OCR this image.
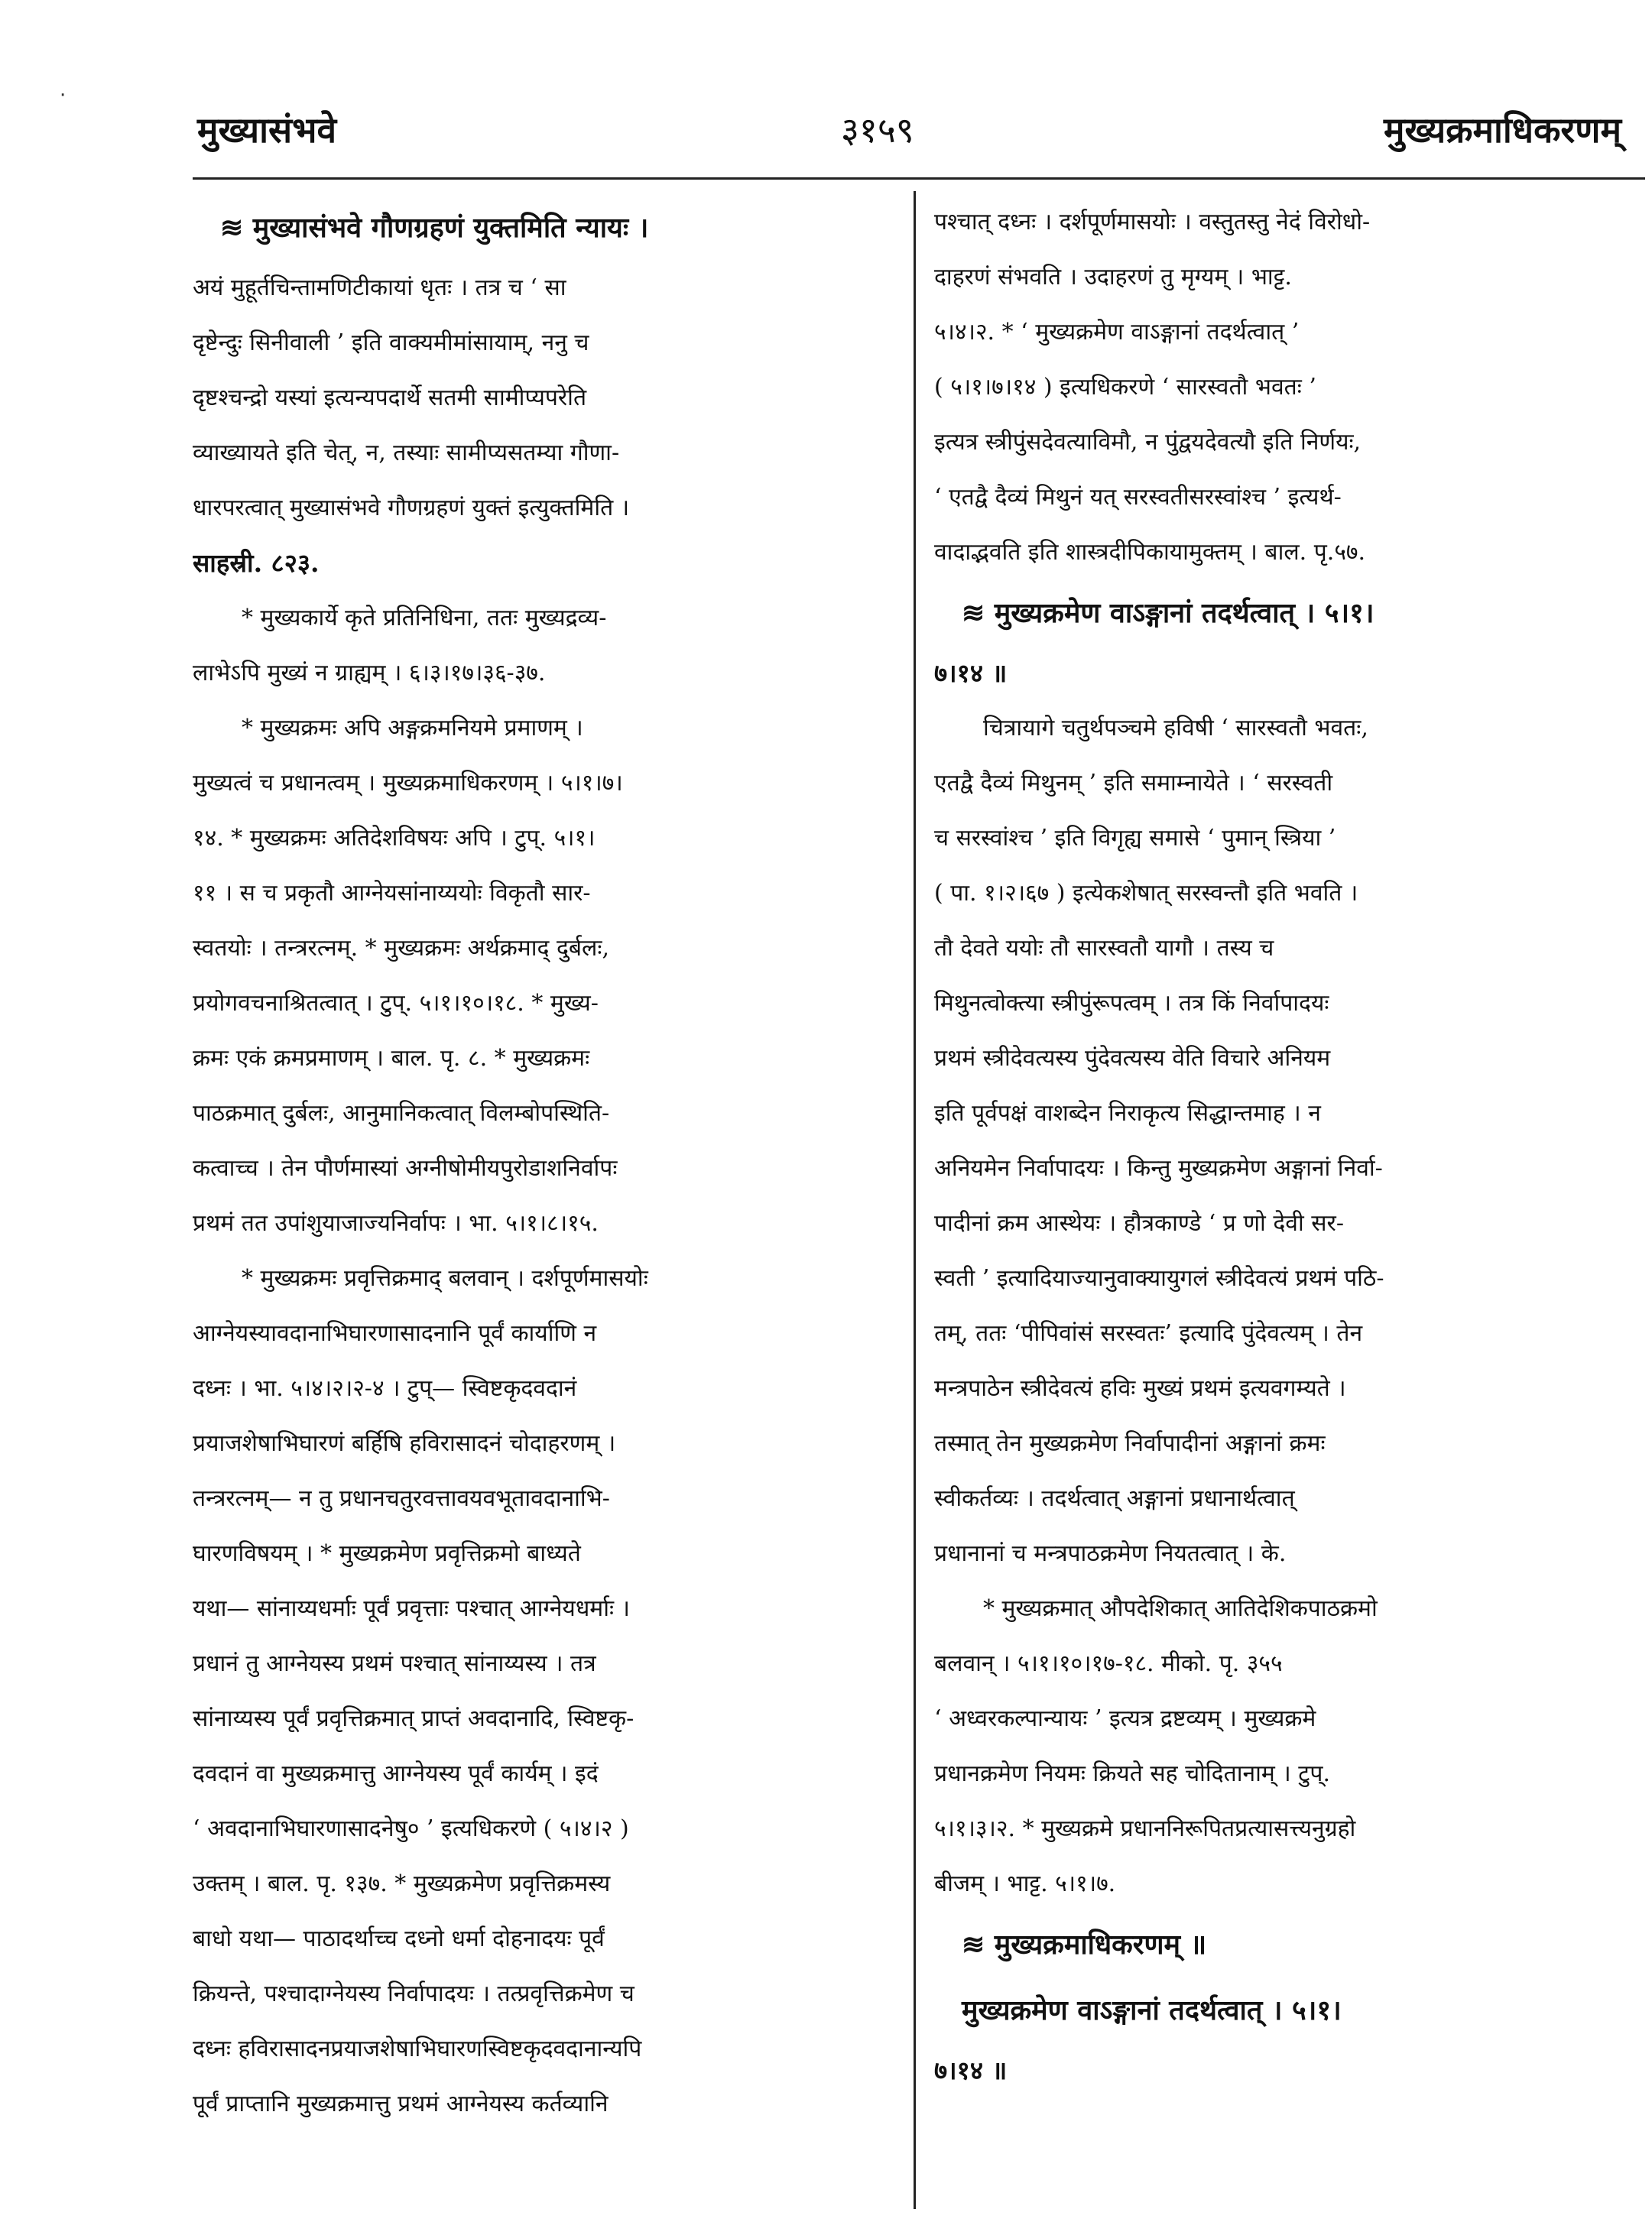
मुख्यासंभवे	३१५९	मुख्यक्रमाधिकरणम्
·
≋ मुख्यासंभवे गौणग्रहणं युक्तमिति न्यायः ।
अयं मुहूर्तचिन्तामणिटीकायां धृतः । तत्र च ‘ सा
दृष्टेन्दुः सिनीवाली ’ इति वाक्यमीमांसायाम्, ननु च
दृष्टश्चन्द्रो यस्यां इत्यन्यपदार्थे सतमी सामीप्यपरेति
व्याख्यायते इति चेत्, न, तस्याः सामीप्यसतम्या गौणा-
धारपरत्वात् मुख्यासंभवे गौणग्रहणं युक्तं इत्युक्तमिति ।
साहस्री. ८२३.
* मुख्यकार्ये कृते प्रतिनिधिना, ततः मुख्यद्रव्य-
लाभेऽपि मुख्यं न ग्राह्यम् । ६।३।१७।३६-३७.
* मुख्यक्रमः अपि अङ्गक्रमनियमे प्रमाणम् ।
मुख्यत्वं च प्रधानत्वम् । मुख्यक्रमाधिकरणम् । ५।१।७।
१४. * मुख्यक्रमः अतिदेशविषयः अपि । टुप्. ५।१।
११ । स च प्रकृतौ आग्नेयसांनाय्ययोः विकृतौ सार-
स्वतयोः । तन्त्ररत्नम्. * मुख्यक्रमः अर्थक्रमाद् दुर्बलः,
प्रयोगवचनाश्रितत्वात् । टुप्. ५।१।१०।१८. * मुख्य-
क्रमः एकं क्रमप्रमाणम् । बाल. पृ. ८. * मुख्यक्रमः
पाठक्रमात् दुर्बलः, आनुमानिकत्वात् विलम्बोपस्थिति-
कत्वाच्च । तेन पौर्णमास्यां अग्नीषोमीयपुरोडाशनिर्वापः
प्रथमं तत उपांशुयाजाज्यनिर्वापः । भा. ५।१।८।१५.
* मुख्यक्रमः प्रवृत्तिक्रमाद् बलवान् । दर्शपूर्णमासयोः
आग्नेयस्यावदानाभिघारणासादनानि पूर्वं कार्याणि न
दध्नः । भा. ५।४।२।२-४ । टुप्— स्विष्टकृदवदानं
प्रयाजशेषाभिघारणं बर्हिषि हविरासादनं चोदाहरणम् ।
तन्त्ररत्नम्— न तु प्रधानचतुरवत्तावयवभूतावदानाभि-
घारणविषयम् । * मुख्यक्रमेण प्रवृत्तिक्रमो बाध्यते
यथा— सांनाय्यधर्माः पूर्वं प्रवृत्ताः पश्चात् आग्नेयधर्माः ।
प्रधानं तु आग्नेयस्य प्रथमं पश्चात् सांनाय्यस्य । तत्र
सांनाय्यस्य पूर्वं प्रवृत्तिक्रमात् प्राप्तं अवदानादि, स्विष्टकृ-
दवदानं वा मुख्यक्रमात्तु आग्नेयस्य पूर्वं कार्यम् । इदं
‘ अवदानाभिघारणासादनेषु० ’ इत्यधिकरणे ( ५।४।२ )
उक्तम् । बाल. पृ. १३७. * मुख्यक्रमेण प्रवृत्तिक्रमस्य
बाधो यथा— पाठादर्थाच्च दध्नो धर्मा दोहनादयः पूर्वं
क्रियन्ते, पश्चादाग्नेयस्य निर्वापादयः । तत्प्रवृत्तिक्रमेण च
दध्नः हविरासादनप्रयाजशेषाभिघारणस्विष्टकृदवदानान्यपि
पूर्वं प्राप्तानि मुख्यक्रमात्तु प्रथमं आग्नेयस्य कर्तव्यानि
पश्चात् दध्नः । दर्शपूर्णमासयोः । वस्तुतस्तु नेदं विरोधो-
दाहरणं संभवति । उदाहरणं तु मृग्यम् । भाट्ट.
५।४।२. * ‘ मुख्यक्रमेण वाऽङ्गानां तदर्थत्वात् ’
( ५।१।७।१४ ) इत्यधिकरणे ‘ सारस्वतौ भवतः ’
इत्यत्र स्त्रीपुंसदेवत्याविमौ, न पुंद्वयदेवत्यौ इति निर्णयः,
‘ एतद्वै दैव्यं मिथुनं यत् सरस्वतीसरस्वांश्च ’ इत्यर्थ-
वादाद्भवति इति शास्त्रदीपिकायामुक्तम् । बाल. पृ.५७.
≋ मुख्यक्रमेण वाऽङ्गानां तदर्थत्वात् । ५।१।
७।१४ ॥
चित्रायागे चतुर्थपञ्चमे हविषी ‘ सारस्वतौ भवतः,
एतद्वै दैव्यं मिथुनम् ’ इति समाम्नायेते । ‘ सरस्वती
च सरस्वांश्च ’ इति विगृह्य समासे ‘ पुमान् स्त्रिया ’
( पा. १।२।६७ ) इत्येकशेषात् सरस्वन्तौ इति भवति ।
तौ देवते ययोः तौ सारस्वतौ यागौ । तस्य च
मिथुनत्वोक्त्या स्त्रीपुंरूपत्वम् । तत्र किं निर्वापादयः
प्रथमं स्त्रीदेवत्यस्य पुंदेवत्यस्य वेति विचारे अनियम
इति पूर्वपक्षं वाशब्देन निराकृत्य सिद्धान्तमाह । न
अनियमेन निर्वापादयः । किन्तु मुख्यक्रमेण अङ्गानां निर्वा-
पादीनां क्रम आस्थेयः । हौत्रकाण्डे ‘ प्र णो देवी सर-
स्वती ’ इत्यादियाज्यानुवाक्यायुगलं स्त्रीदेवत्यं प्रथमं पठि-
तम्, ततः ‘पीपिवांसं सरस्वतः’ इत्यादि पुंदेवत्यम् । तेन
मन्त्रपाठेन स्त्रीदेवत्यं हविः मुख्यं प्रथमं इत्यवगम्यते ।
तस्मात् तेन मुख्यक्रमेण निर्वापादीनां अङ्गानां क्रमः
स्वीकर्तव्यः । तदर्थत्वात् अङ्गानां प्रधानार्थत्वात्
प्रधानानां च मन्त्रपाठक्रमेण नियतत्वात् । के.
* मुख्यक्रमात् औपदेशिकात् आतिदेशिकपाठक्रमो
बलवान् । ५।१।१०।१७-१८. मीको. पृ. ३५५
‘ अध्वरकल्पान्यायः ’ इत्यत्र द्रष्टव्यम् । मुख्यक्रमे
प्रधानक्रमेण नियमः क्रियते सह चोदितानाम् । टुप्.
५।१।३।२. * मुख्यक्रमे प्रधाननिरूपितप्रत्यासत्त्यनुग्रहो
बीजम् । भाट्ट. ५।१।७.
≋ मुख्यक्रमाधिकरणम् ॥
मुख्यक्रमेण वाऽङ्गानां तदर्थत्वात् । ५।१।
७।१४ ॥
